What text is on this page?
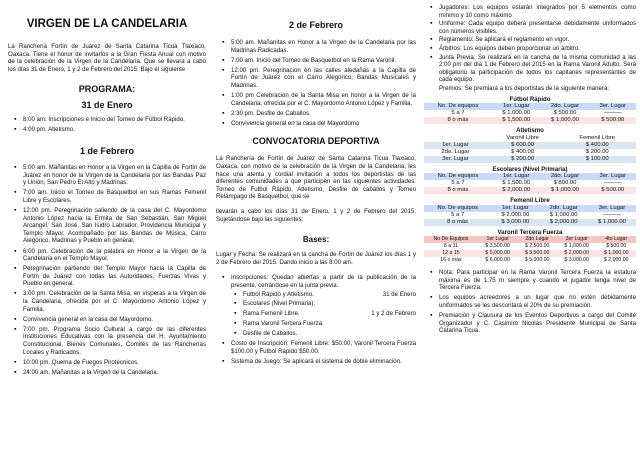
VIRGEN DE LA CANDELARIA

La Ranchería Fortín de Juárez de Santa Catarina Ticua Tlaxiaco, Oaxaca. Tiene el honor de invitarlos a la Gran Fiesta Anual con motivo de la celebración de la Virgen de la Candelaria. Que se llevara a cabo los días 31 de Enero, 1 y 2 de Febrero del 2015. Bajo el siguiente

PROGRAMA:
31 de Enero
▪ 8:00 am. Inscripciones e Inicio del Torneo de Fútbol Rápido.
▪ 4:00 pm. Atletismo.
1 de Febrero
▪ 5:00 am. Mañanitas en Honor a la Virgen en la Capilla de Fortín de Juárez en honor de la Virgen de la Candelaria por las Bandas Paz y Unión, San Pedro El Alto y Madrinas.
▪ 7:00 am. Inicio el Torneo de Basquetbol en sus Ramas Femenil Libre y Escolares.
▪ 12:00 pm. Peregrinación saliendo de la casa del C. Mayordomo Antonio López hacia la Ermita de San Sebastián, San Miguel Arcángel, San José, San Isidro Labrador, Providencia Municipal y Templo Mayor. Acompañado por las Bandas de Música, Carro Alegórico, Madrinas y Pueblo en general.
▪ 6:00 pm. Celebración de la palabra en Honor a la Virgen de la Candelaria en el Templo Mayor.
▪ Peregrinación partiendo del Templo Mayor hacia la Capilla de Fortín de Juárez con todas las Autoridades, Fuerzas Vivas y Pueblo en general.
▪ 3:00 pm. Celebración de la Santa Misa, en vísperas a la Virgen de la Candelaria, ofrecida por el C. Mayordomo Antonio López y Familia.
▪ Convivencia general en la casa del Mayordomo.
▪ 7:00 pm. Programa Socio Cultural a cargo de las diferentes Instituciones Educativas con la presencia del H. Ayuntamiento Constitucional, Bienes Comunales, Comités de las Rancherías Locales y Radicados.
▪ 10:00 pm. Quema de Fuegos Pirotécnicos.
▪ 24:00 am. Mañanitas a la Virgen de la Candelaria.
2 de Febrero
▪ 5:00 am. Mañanitas en Honor a la Virgen de la Candelaria por las Madrinas Radicadas.
▪ 7:00 am. Inicio del Torneo de Basquetbol en la Rama Varonil.
▪ 12:00 pm. Peregrinación en las calles aledañas a la Capilla de Fortín de Juárez con el Carro Alegórico, Bandas Musicales y Madrinas.
▪ 1:00 pm Celebración de la Santa Misa en honor a la Virgen de la Candelaria, ofrecida por el C. Mayordomo Antonio López y Familia.
▪ 2:30 pm. Desfile de Caballos.
▪ Convivencia general en la casa del Mayordomo
CONVOCATORIA DEPORTIVA

La Ranchería de Fortín de Juárez de Santa Catarina Ticua Tlaxiaco, Oaxaca, con motivo de la celebración de la Virgen de la Candelaria, les hace una atenta y cordial invitación a todos los deportistas de las diferentes comunidades a que participen en las siguientes actividades: Torneo de Futbol Rápido, Atletismo, Desfile de caballos y Torneo Relámpago de Basquetbol, que se

llevarán a cabo los días 31 de Enero, 1 y 2 de Febrero del 2015. Sujetándose bajo las siguientes:

Bases:

Lugar y Fecha: Se realizará en la cancha de Fortín de Juárez los días 1 y 2 de Febrero del 2015. Dando inicio a las 8:00 am.

▪ Inscripciones: Quedan abiertas a partir de la publicación de la presente, cerrándose en la junta previa.
▪ Futbol Rápido y Atletismo.	31 de Enero
▪ Escolares (Nivel Primaria).
▪ Rama Femenil Libre.	1 y 2 de Febrero
▪ Rama Varonil Tercera Fuerza.
▪ Desfile de Caballos.
▪ Costo de Inscripción: Femenil Libre: $50.00, Varonil Tercera Fuerza $100.00 y Futbol Rápido $50.00.
▪ Sistema de Juego: Se aplicará el sistema de doble eliminación.
▪ Jugadores: Los equipos estarán integrados por 5 elementos como mínimo y 10 como máximo
▪ Uniforme: Cada equipo deberá presentarse debidamente uniformados con números visibles.
▪ Reglamento: Se aplicará el reglamento en vigor.
▪ Árbitros: Los equipos deben proporcionar un árbitro.
▪ Junta Previa: Se realizará en la cancha de la misma comunidad a las 2:00 pm del día 1 de Febrero del 2015 en la Rama Varonil Adulto. Será obligatorio la participación de todos los capitanes representantes de cada equipo.

Premios: Se premiará a los deportistas de la siguiente manera:

Fútbol Rápido
No. De equipos	1er. Lugar	2do. Lugar	3er. Lugar
5 a 7	$ 1,000.00	$ 500.00	———
8 o más	$ 1,500.00	$ 1,000.00	$ 500.00
Atletismo
	Varonil Libre	Femenil Libre
1er. Lugar	$ 600.00	$ 400.00
2do. Lugar	$ 400.00	$ 200.00
3er. Lugar	$ 200.00	$ 100.00
Escolares (Nivel Primaria)
No. De equipos	1er. Lugar	2do. Lugar	3er. Lugar
5 a 7	$ 1,500.00	$ 800.00	———
8 o más	$ 2,000.00	$ 1,000.00	$ 500.00
Femenil Libre
No. De equipos	1er. Lugar	2do. Lugar	3er. Lugar
5 a 7	$ 2,000.00	$ 1,000.00	———
8 o más	$ 3,000.00	$ 2,000.00	$ 1,000.00
Varonil Tercera Fuerza
No De Equipos	1er Lugar	2do Lugar	3er Lugar	4to Lugar
8 a 11	$ 3,500.00	$ 2,500.00	$ 1,000.00	$ 500.00
12 a 15	$ 5,000.00	$ 3,500.00	$ 2,000.00	$ 1,000.00
16 o más	$ 6,000.00	$ 5,000.00	$ 3,000.00	$ 2,000.00
▪ Nota: Para participar en la Rama Varonil Tercera Fuerza la estatura máxima es de 1.75 m siempre y cuando el jugador tenga nivel de Tercera Fuerza.
▪ Los equipos acreedores a un lugar que no estén debidamente uniformados se les descontará el 20% de su premiación.
▪ Premiación y Clausura de los Eventos Deportivos a cargo del Comité Organizador y C. Casimiro Nicolás Presidente Municipal de Santa Catarina Ticua.
